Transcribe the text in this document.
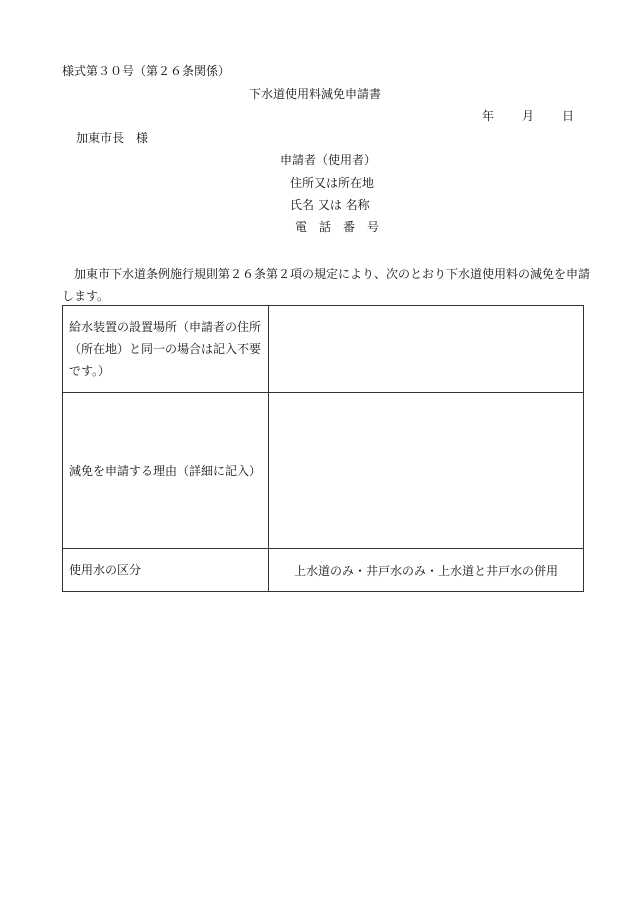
様式第３０号（第２６条関係）
下水道使用料減免申請書
年 月 日
加東市長　様
申請者（使用者）
住所又は所在地
氏名 又は 名称
電　話　番　号
加東市下水道条例施行規則第２６条第２項の規定により、次のとおり下水道使用料の減免を申請します。
給水装置の設置場所（申請者の住所（所在地）と同一の場合は記入不要です。）	
減免を申請する理由（詳細に記入）	
使用水の区分	上水道のみ・井戸水のみ・上水道と井戸水の併用
